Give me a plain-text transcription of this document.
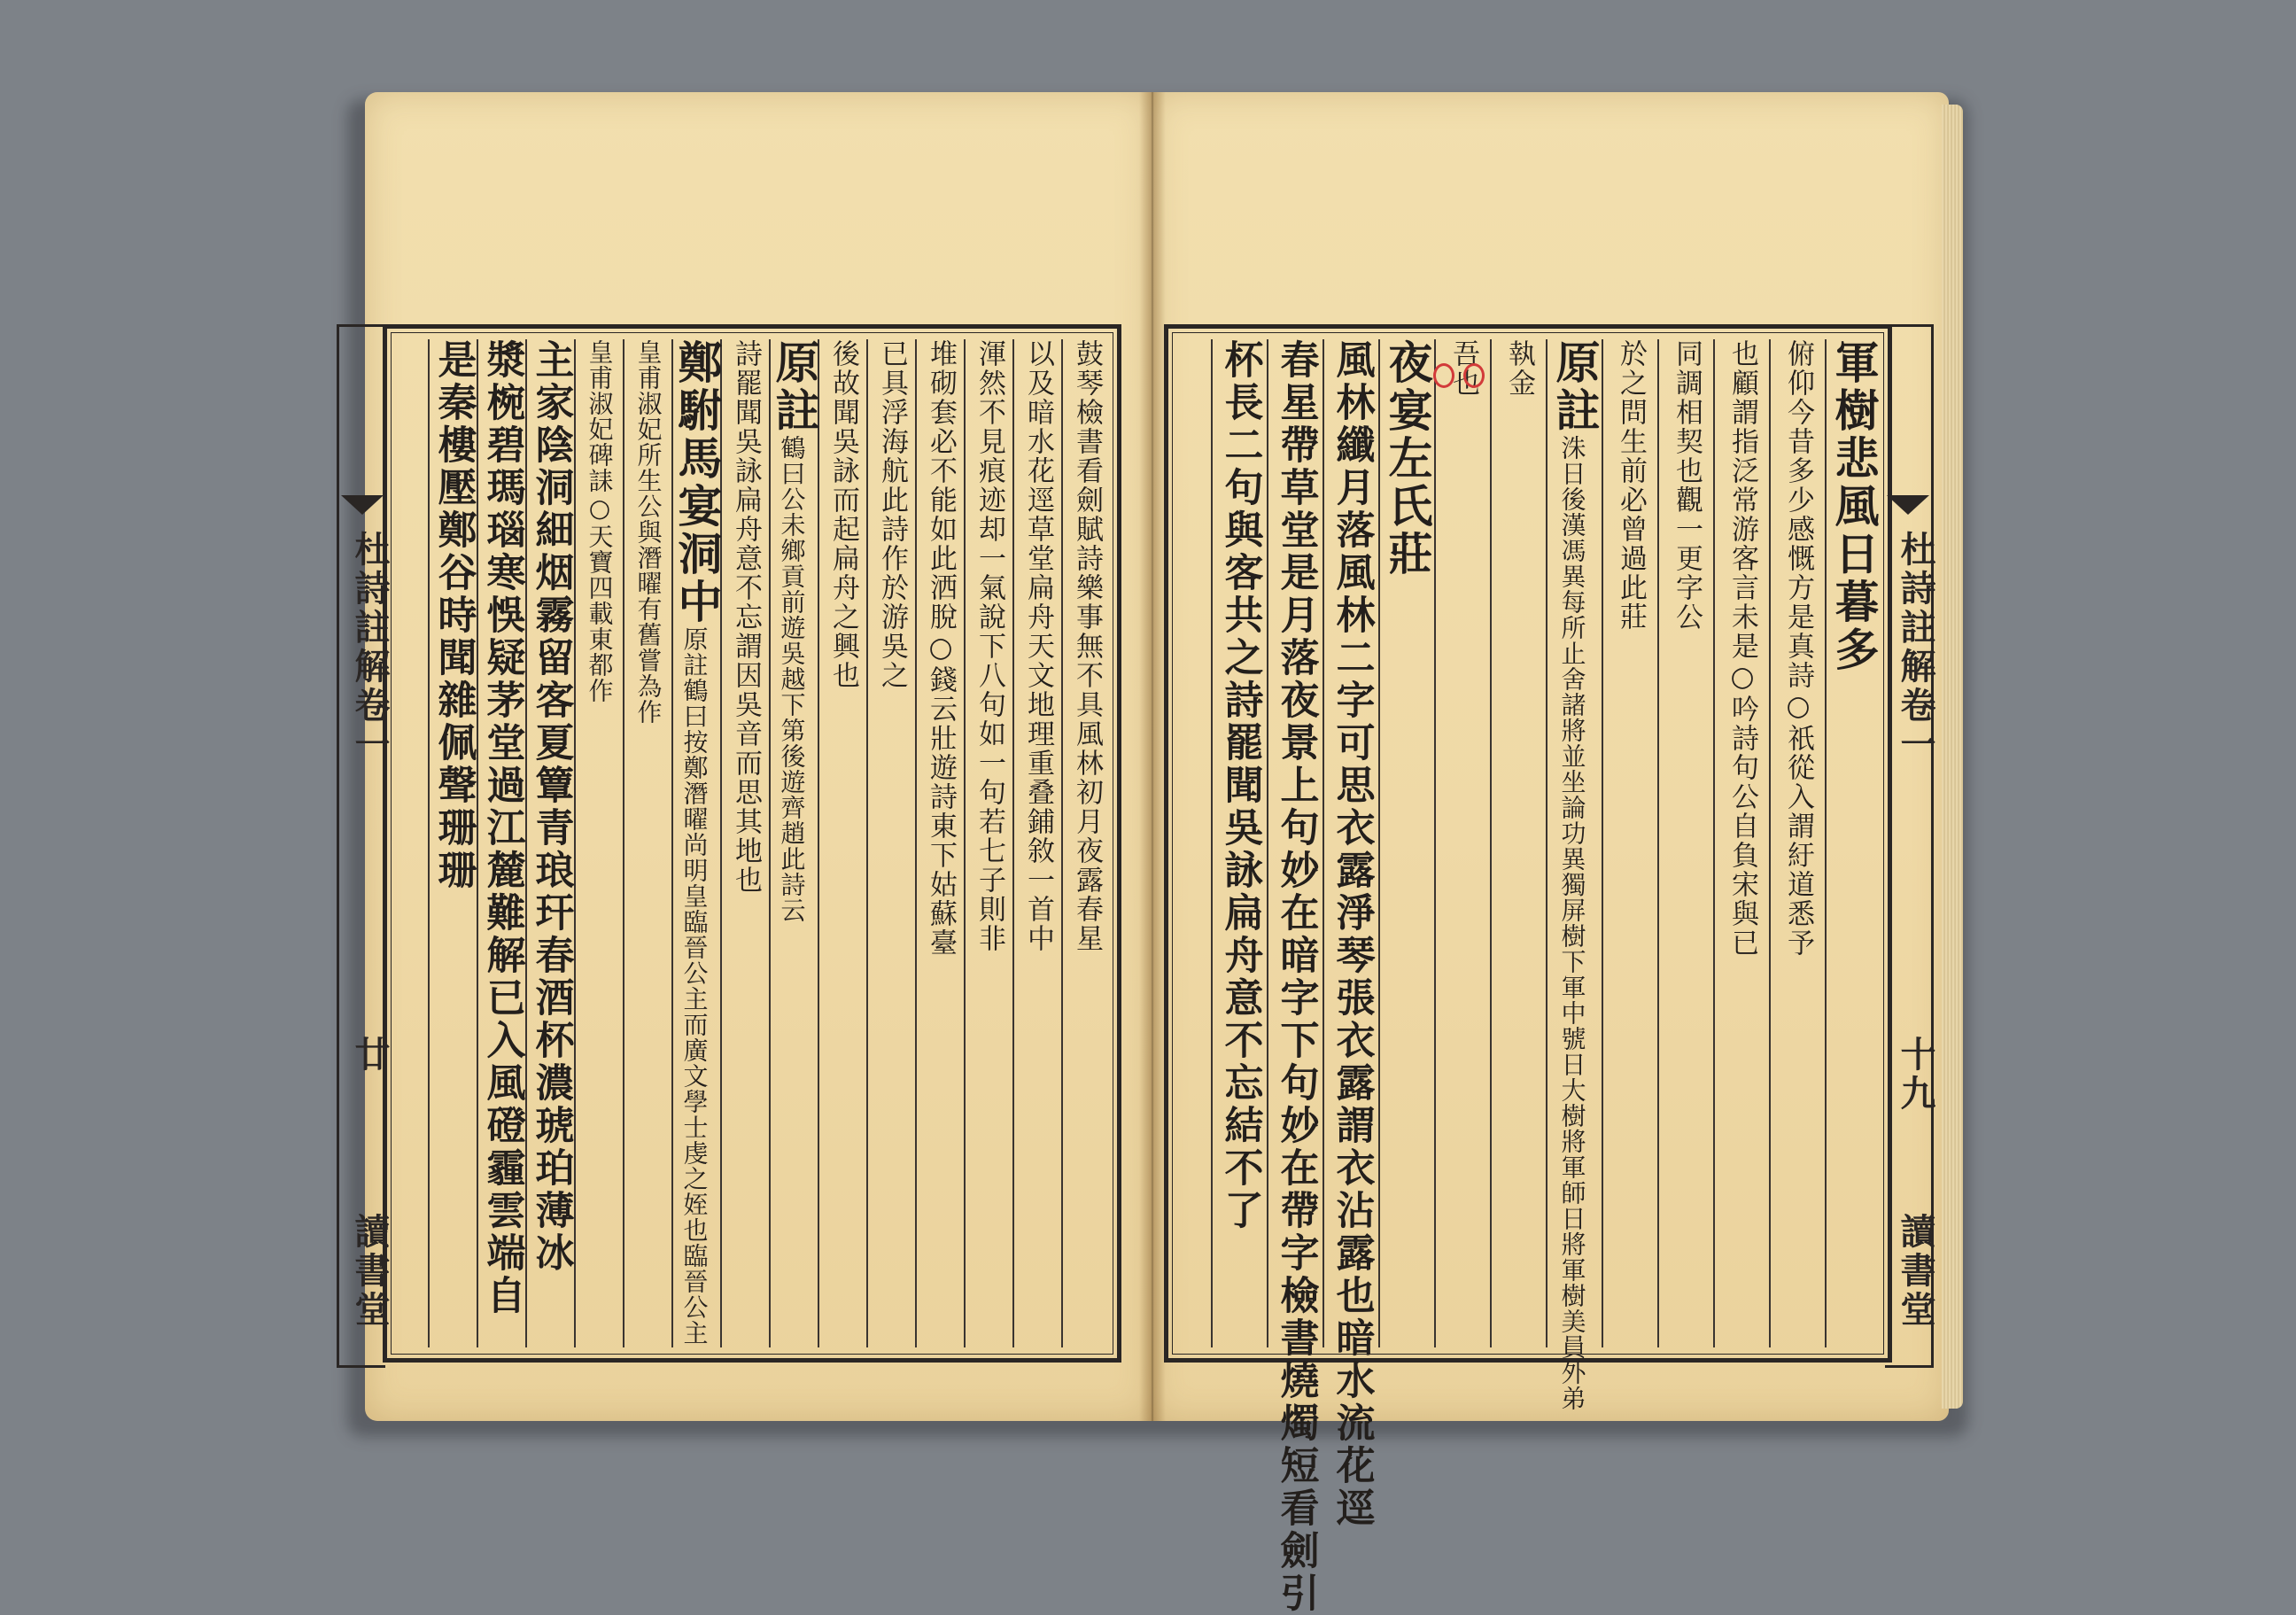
杜詩註解卷一
廿
讀書堂
杜詩註解卷一
十九
讀書堂
鼓琴檢書看劍賦詩樂事無不具風林初月夜露春星
以及暗水花逕草堂扁舟天文地理重叠鋪敘一首中
渾然不見痕迹却一氣說下八句如一句若七子則非
堆砌套必不能如此洒脫○錢云壯遊詩東下姑蘇臺
已具浮海航此詩作於游吳之
後故聞吳詠而起扁舟之興也
原註
鶴曰公未鄉貢前遊吳越下第後遊齊趙此詩云
詩罷聞吳詠扁舟意不忘謂因吳音而思其地也
鄭駙馬宴洞中
原註鶴曰按鄭潛曜尚明皇臨晉公主而廣文學士虔之姪也臨晉公主
皇甫淑妃所生公與潛曜有舊嘗為作
皇甫淑妃碑誄○天寶四載東都作
主家陰洞細烟霧留客夏簟青琅玕春酒杯濃琥珀薄冰
漿椀碧瑪瑙寒悞疑茅堂過江麓難解已入風磴霾雲端自
是秦樓壓鄭谷時聞雜佩聲珊珊	軍樹悲風日暮多
俯仰今昔多少感慨方是真詩○祇從入謂紆道悉予
也顧謂指泛常游客言未是○吟詩句公自負宋與已
同調相契也觀一更字公
於之問生前必曾過此莊
原註
洙日後漢馮異每所止舍諸將並坐論功異獨屏樹下軍中號日大樹將軍師日將軍樹美員外弟
執金
吾也
夜宴左氏莊
風林纖月落風林二字可思衣露淨琴張衣露謂衣沾露也暗水流花逕
春星帶草堂是月落夜景上句妙在暗字下句妙在帶字檢書燒燭短看劍引
杯長二句與客共之詩罷聞吳詠扁舟意不忘結不了
